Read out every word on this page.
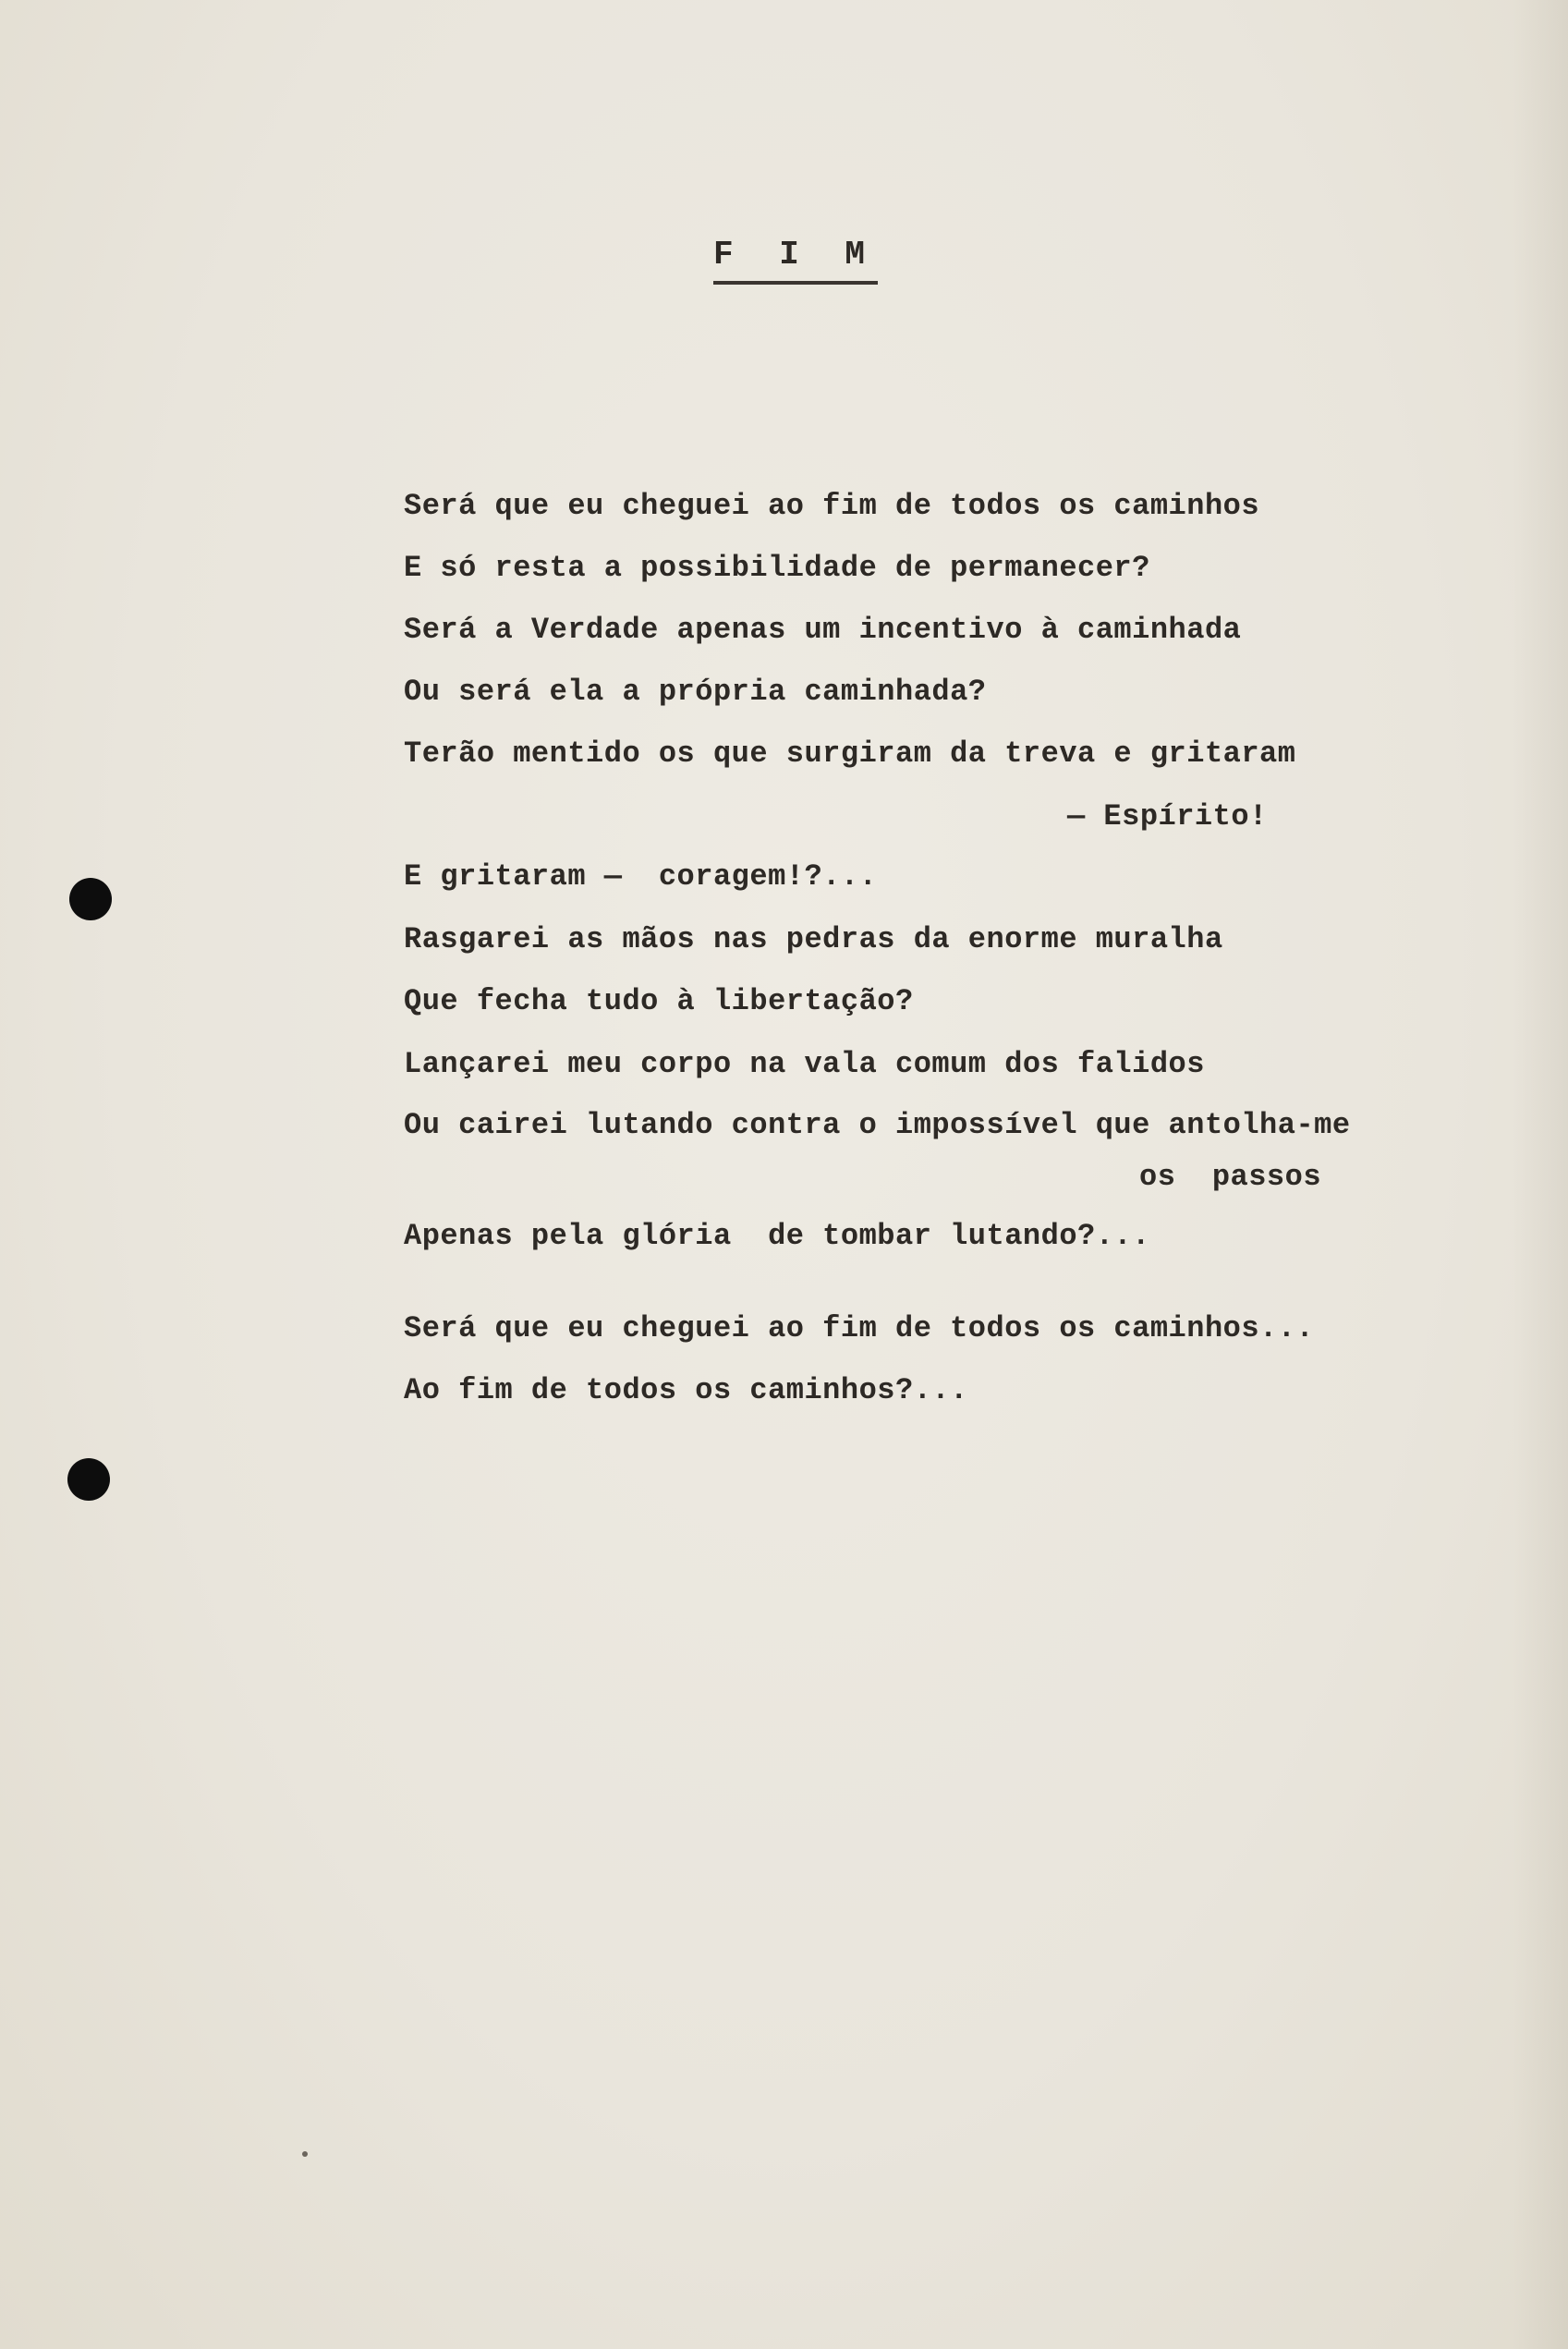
F I M
Será que eu cheguei ao fim de todos os caminhos
E só resta a possibilidade de permanecer?
Será a Verdade apenas um incentivo à caminhada
Ou será ela a própria caminhada?
Terão mentido os que surgiram da treva e gritaram
— Espírito!
E gritaram —  coragem!?...
Rasgarei as mãos nas pedras da enorme muralha
Que fecha tudo à libertação?
Lançarei meu corpo na vala comum dos falidos
Ou cairei lutando contra o impossível que antolha-me
os  passos
Apenas pela glória  de tombar lutando?...
Será que eu cheguei ao fim de todos os caminhos...
Ao fim de todos os caminhos?...
